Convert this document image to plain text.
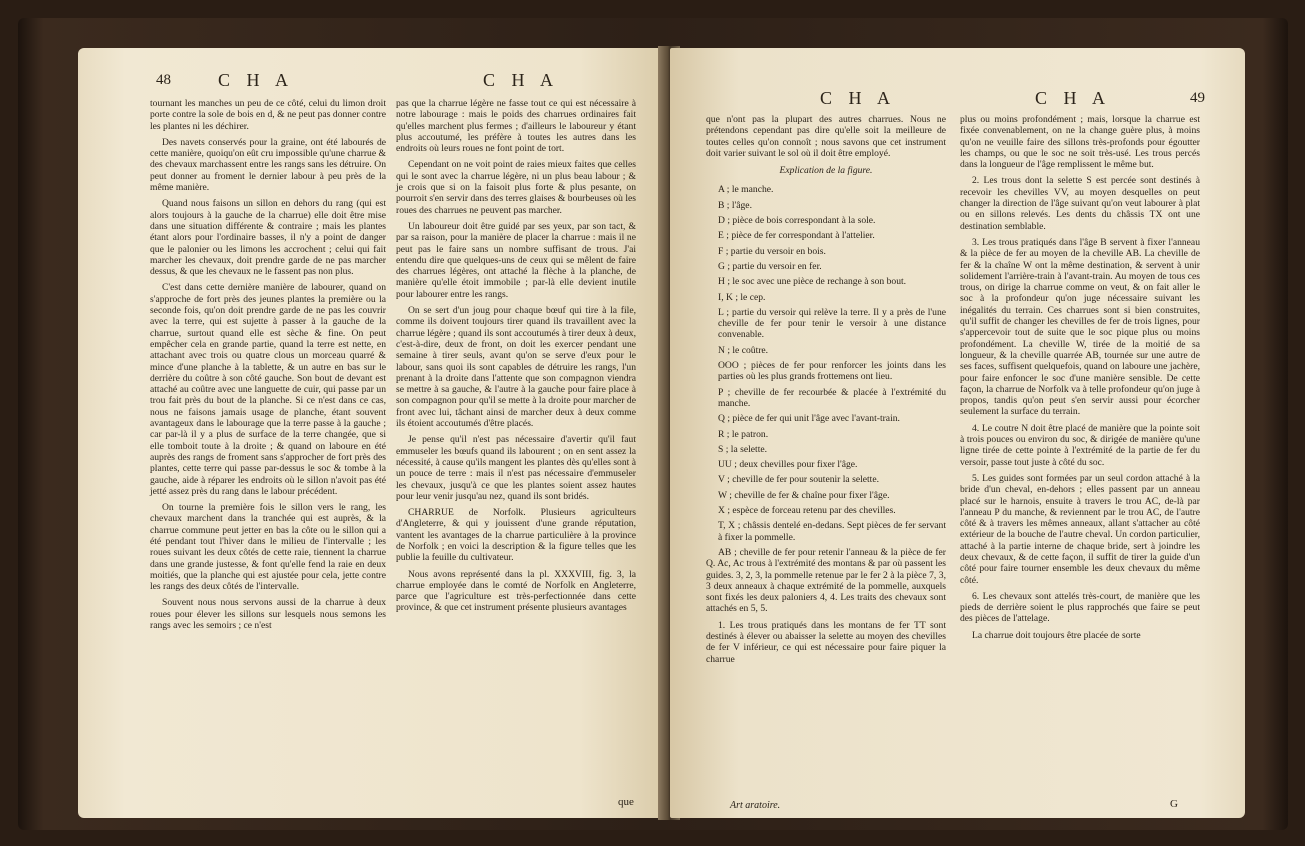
48	C H A	C H A

tournant les manches un peu de ce côté, celui du limon droit porte contre la sole de bois en d, & ne peut pas donner contre les plantes ni les déchirer.

Des navets conservés pour la graine, ont été labourés de cette manière, quoiqu'on eût cru impossible qu'une charrue & des chevaux marchassent entre les rangs sans les détruire. On peut donner au froment le dernier labour à peu près de la même manière.

Quand nous faisons un sillon en dehors du rang (qui est alors toujours à la gauche de la charrue) elle doit être mise dans une situation différente & contraire ; mais les plantes étant alors pour l'ordinaire basses, il n'y a point de danger que le palonier ou les limons les accrochent ; celui qui fait marcher les chevaux, doit prendre garde de ne pas marcher dessus, & que les chevaux ne le fassent pas non plus.

C'est dans cette dernière manière de labourer, quand on s'approche de fort près des jeunes plantes la première ou la seconde fois, qu'on doit prendre garde de ne pas les couvrir avec la terre, qui est sujette à passer à la gauche de la charrue, surtout quand elle est sèche & fine. On peut empêcher cela en grande partie, quand la terre est nette, en attachant avec trois ou quatre clous un morceau quarré & mince d'une planche à la tablette, & un autre en bas sur le derrière du coûtre à son côté gauche. Son bout de devant est attaché au coûtre avec une languette de cuir, qui passe par un trou fait près du bout de la planche. Si ce n'est dans ce cas, nous ne faisons jamais usage de planche, étant souvent avantageux dans le labourage que la terre passe à la gauche ; car par-là il y a plus de surface de la terre changée, que si elle tomboit toute à la droite ; & quand on laboure en été auprès des rangs de froment sans s'approcher de fort près des plantes, cette terre qui passe par-dessus le soc & tombe à la gauche, aide à réparer les endroits où le sillon n'avoit pas été jetté assez près du rang dans le labour précédent.

On tourne la première fois le sillon vers le rang, les chevaux marchent dans la tranchée qui est auprès, & la charrue commune peut jetter en bas la côte ou le sillon qui a été pendant tout l'hiver dans le milieu de l'intervalle ; les roues suivant les deux côtés de cette raie, tiennent la charrue dans une grande justesse, & font qu'elle fend la raie en deux moitiés, que la planche qui est ajustée pour cela, jette contre les rangs des deux côtés de l'intervalle.

Souvent nous nous servons aussi de la charrue à deux roues pour élever les sillons sur lesquels nous semons les rangs avec les semoirs ; ce n'est

pas que la charrue légère ne fasse tout ce qui est nécessaire à notre labourage : mais le poids des charrues ordinaires fait qu'elles marchent plus fermes ; d'ailleurs le laboureur y étant plus accoutumé, les préfère à toutes les autres dans les endroits où leurs roues ne font point de tort.

Cependant on ne voit point de raies mieux faites que celles qui le sont avec la charrue légère, ni un plus beau labour ; & je crois que si on la faisoit plus forte & plus pesante, on pourroit s'en servir dans des terres glaises & bourbeuses où les roues des charrues ne peuvent pas marcher.

Un laboureur doit être guidé par ses yeux, par son tact, & par sa raison, pour la manière de placer la charrue : mais il ne peut pas le faire sans un nombre suffisant de trous. J'ai entendu dire que quelques-uns de ceux qui se mêlent de faire des charrues légères, ont attaché la flèche à la planche, de manière qu'elle étoit immobile ; par-là elle devient inutile pour labourer entre les rangs.

On se sert d'un joug pour chaque bœuf qui tire à la file, comme ils doivent toujours tirer quand ils travaillent avec la charrue légère ; quand ils sont accoutumés à tirer deux à deux, c'est-à-dire, deux de front, on doit les exercer pendant une semaine à tirer seuls, avant qu'on se serve d'eux pour le labour, sans quoi ils sont capables de détruire les rangs, l'un prenant à la droite dans l'attente que son compagnon viendra se mettre à sa gauche, & l'autre à la gauche pour faire place à son compagnon pour qu'il se mette à la droite pour marcher de front avec lui, tâchant ainsi de marcher deux à deux comme ils étoient accoutumés d'être placés.

Je pense qu'il n'est pas nécessaire d'avertir qu'il faut emmuseler les bœufs quand ils labourent ; on en sent assez la nécessité, à cause qu'ils mangent les plantes dès qu'elles sont à un pouce de terre : mais il n'est pas nécessaire d'emmuseler les chevaux, jusqu'à ce que les plantes soient assez hautes pour leur venir jusqu'au nez, quand ils sont bridés.

CHARRUE de Norfolk. Plusieurs agriculteurs d'Angleterre, & qui y jouissent d'une grande réputation, vantent les avantages de la charrue particulière à la province de Norfolk ; en voici la description & la figure telles que les publie la feuille du cultivateur.

Nous avons représenté dans la pl. XXXVIII, fig. 3, la charrue employée dans le comté de Norfolk en Angleterre, parce que l'agriculture est très-perfectionnée dans cette province, & que cet instrument présente plusieurs avantages

que
C H A	C H A	49

que n'ont pas la plupart des autres charrues. Nous ne prétendons cependant pas dire qu'elle soit la meilleure de toutes celles qu'on connoît ; nous savons que cet instrument doit varier suivant le sol où il doit être employé.

Explication de la figure.

A ; le manche.

B ; l'âge.

D ; pièce de bois correspondant à la sole.

E ; pièce de fer correspondant à l'attelier.

F ; partie du versoir en bois.

G ; partie du versoir en fer.

H ; le soc avec une pièce de rechange à son bout.

I, K ; le cep.

L ; partie du versoir qui relève la terre. Il y a près de l'une cheville de fer pour tenir le versoir à une distance convenable.

N ; le coûtre.

OOO ; pièces de fer pour renforcer les joints dans les parties où les plus grands frottemens ont lieu.

P ; cheville de fer recourbée & placée à l'extrémité du manche.

Q ; pièce de fer qui unit l'âge avec l'avant-train.

R ; le patron.

S ; la selette.

UU ; deux chevilles pour fixer l'âge.

V ; cheville de fer pour soutenir la selette.

W ; cheville de fer & chaîne pour fixer l'âge.

X ; espèce de forceau retenu par des chevilles.

T, X ; châssis dentelé en-dedans. Sept pièces de fer servant à fixer la pommelle.

AB ; cheville de fer pour retenir l'anneau & la pièce de fer Q. Ac, Ac trous à l'extrémité des montans & par où passent les guides. 3, 2, 3, la pommelle retenue par le fer 2 à la pièce 7, 3, 3 deux anneaux à chaque extrémité de la pommelle, auxquels sont fixés les deux paloniers 4, 4. Les traits des chevaux sont attachés en 5, 5.

1. Les trous pratiqués dans les montans de fer TT sont destinés à élever ou abaisser la selette au moyen des chevilles de fer V inférieur, ce qui est nécessaire pour faire piquer la charrue

Art aratoire.

plus ou moins profondément ; mais, lorsque la charrue est fixée convenablement, on ne la change guère plus, à moins qu'on ne veuille faire des sillons très-profonds pour égoutter les champs, ou que le soc ne soit très-usé. Les trous percés dans la longueur de l'âge remplissent le même but.

2. Les trous dont la selette S est percée sont destinés à recevoir les chevilles VV, au moyen desquelles on peut changer la direction de l'âge suivant qu'on veut labourer à plat ou en sillons relevés. Les dents du châssis TX ont une destination semblable.

3. Les trous pratiqués dans l'âge B servent à fixer l'anneau & la pièce de fer au moyen de la cheville AB. La cheville de fer & la chaîne W ont la même destination, & servent à unir solidement l'arrière-train à l'avant-train. Au moyen de tous ces trous, on dirige la charrue comme on veut, & on fait aller le soc à la profondeur qu'on juge nécessaire suivant les inégalités du terrain. Ces charrues sont si bien construites, qu'il suffit de changer les chevilles de fer de trois lignes, pour s'appercevoir tout de suite que le soc pique plus ou moins profondément. La cheville W, tirée de la moitié de sa longueur, & la cheville quarrée AB, tournée sur une autre de ses faces, suffisent quelquefois, quand on laboure une jachère, pour faire enfoncer le soc d'une manière sensible. De cette façon, la charrue de Norfolk va à telle profondeur qu'on juge à propos, tandis qu'on peut s'en servir aussi pour écorcher seulement la surface du terrain.

4. Le coutre N doit être placé de manière que la pointe soit à trois pouces ou environ du soc, & dirigée de manière qu'une ligne tirée de cette pointe à l'extrémité de la partie de fer du versoir, passe tout juste à côté du soc.

5. Les guides sont formées par un seul cordon attaché à la bride d'un cheval, en-dehors ; elles passent par un anneau placé sur le harnois, ensuite à travers le trou AC, de-là par l'anneau P du manche, & reviennent par le trou AC, de l'autre côté & à travers les mêmes anneaux, allant s'attacher au côté extérieur de la bouche de l'autre cheval. Un cordon particulier, attaché à la partie interne de chaque bride, sert à joindre les deux chevaux, & de cette façon, il suffit de tirer la guide d'un côté pour faire tourner ensemble les deux chevaux du même côté.

6. Les chevaux sont attelés très-court, de manière que les pieds de derrière soient le plus rapprochés que faire se peut des pièces de l'attelage.

La charrue doit toujours être placée de sorte

G
